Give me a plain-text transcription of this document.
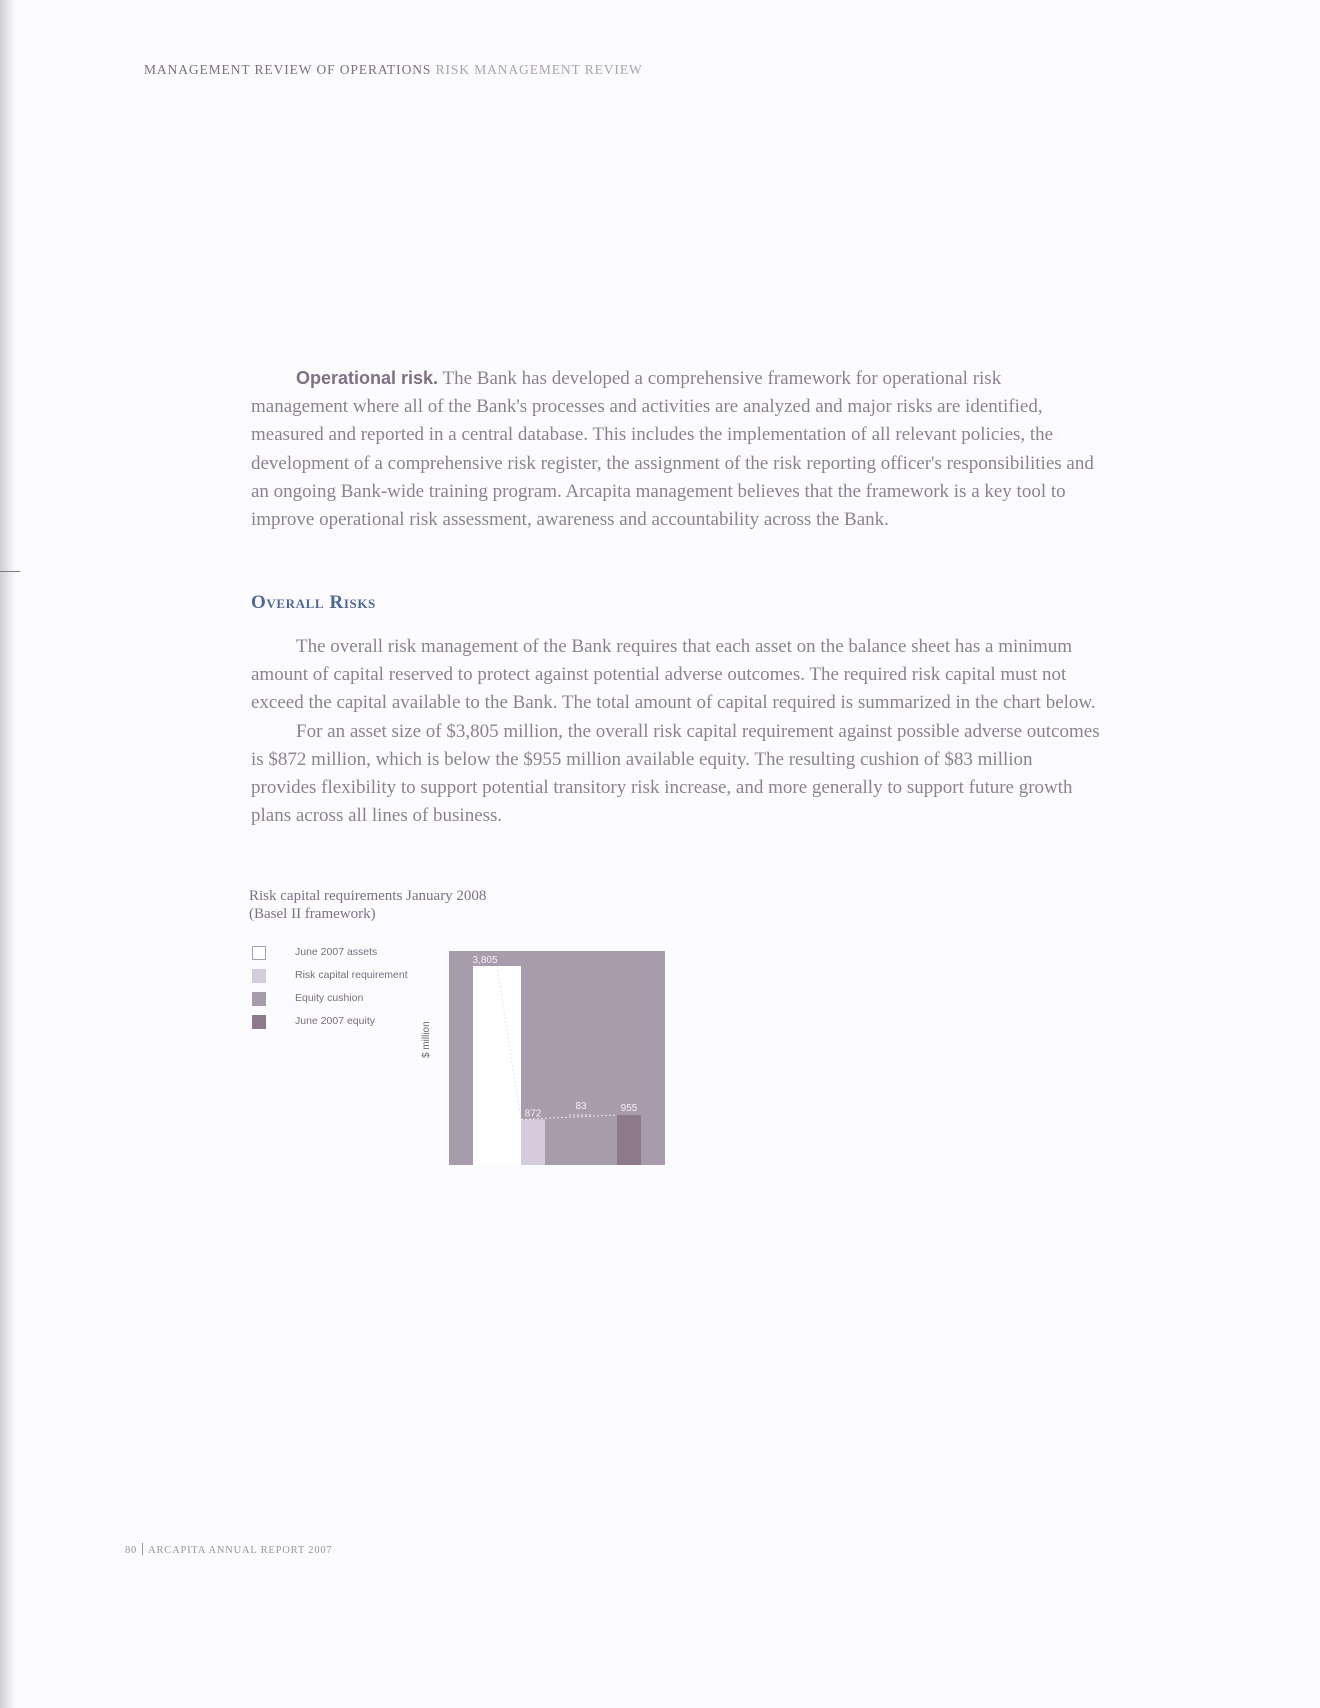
MANAGEMENT REVIEW OF OPERATIONS RISK MANAGEMENT REVIEW

Operational risk. The Bank has developed a comprehensive framework for operational risk management where all of the Bank's processes and activities are analyzed and major risks are identified, measured and reported in a central database. This includes the implementation of all relevant policies, the development of a comprehensive risk register, the assignment of the risk reporting officer's responsibilities and an ongoing Bank-wide training program. Arcapita management believes that the framework is a key tool to improve operational risk assessment, awareness and accountability across the Bank.

Overall Risks

The overall risk management of the Bank requires that each asset on the balance sheet has a minimum amount of capital reserved to protect against potential adverse outcomes. The required risk capital must not exceed the capital available to the Bank. The total amount of capital required is summarized in the chart below.

For an asset size of $3,805 million, the overall risk capital requirement against possible adverse outcomes is $872 million, which is below the $955 million available equity. The resulting cushion of $83 million provides flexibility to support potential transitory risk increase, and more generally to support future growth plans across all lines of business.

Risk capital requirements January 2008
(Basel II framework)
June 2007 assets
Risk capital requirement
Equity cushion
June 2007 equity
$ million
3,805
872
83	955
80 ARCAPITA ANNUAL REPORT 2007
